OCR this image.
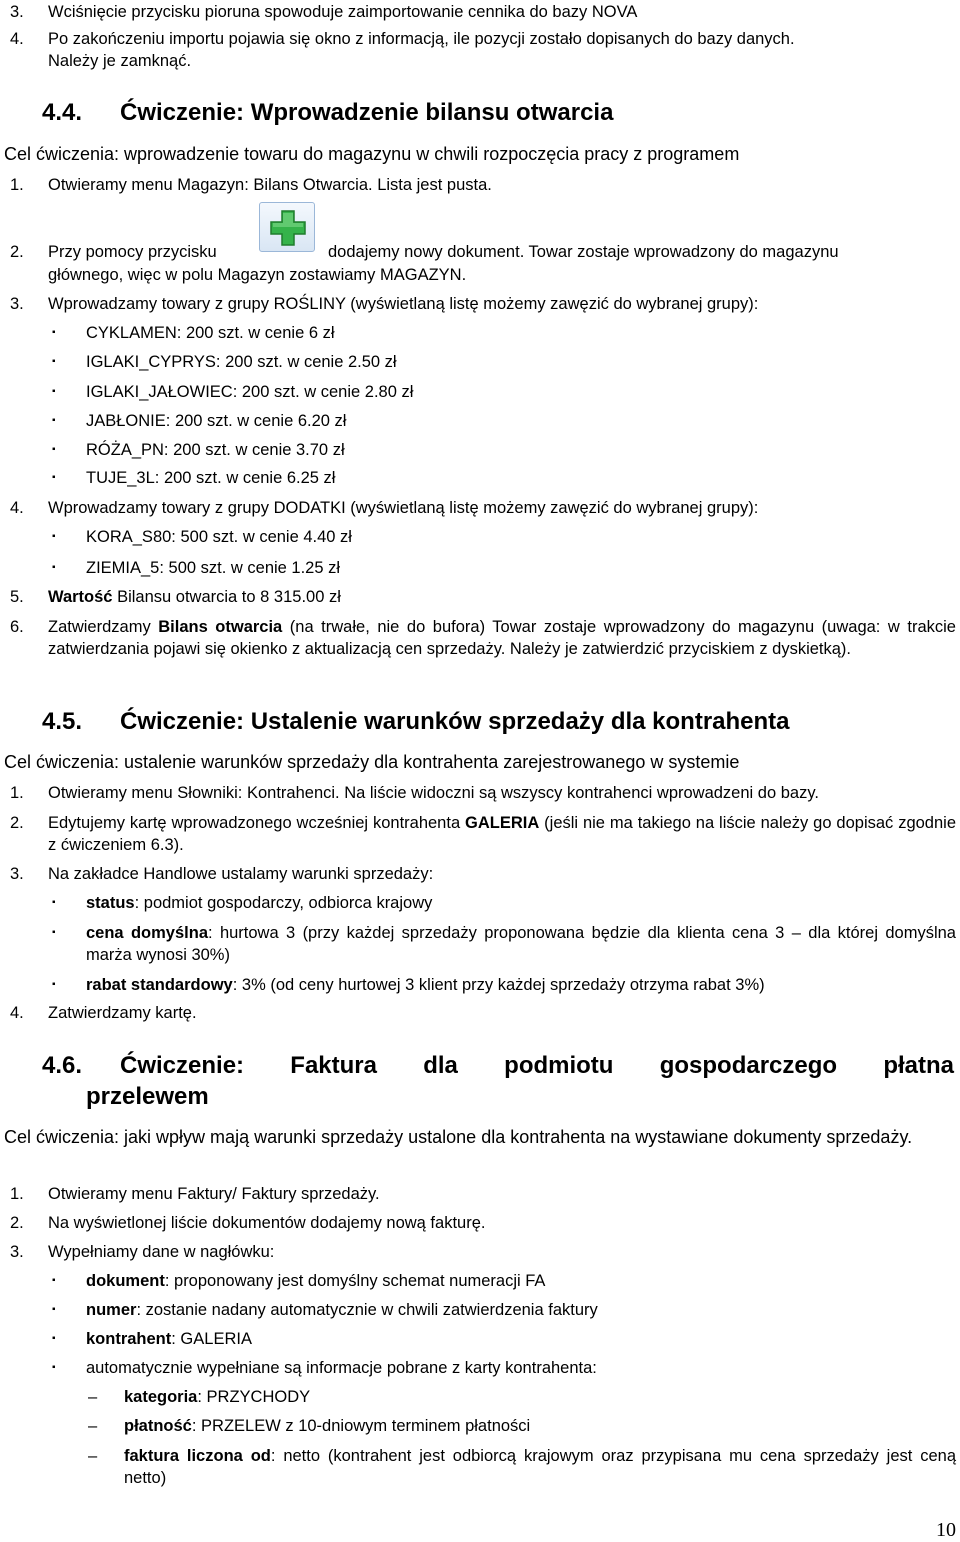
3. Wciśnięcie przycisku pioruna spowoduje zaimportowanie cennika do bazy NOVA
4. Po zakończeniu importu pojawia się okno z informacją, ile pozycji zostało dopisanych do bazy danych.
Należy je zamknąć.
4.4. Ćwiczenie: Wprowadzenie bilansu otwarcia
Cel ćwiczenia: wprowadzenie towaru do magazynu w chwili rozpoczęcia pracy z programem
1. Otwieramy menu Magazyn: Bilans Otwarcia. Lista jest pusta.
2. Przy pomocy przycisku	dodajemy nowy dokument. Towar zostaje wprowadzony do magazynu
głównego, więc w polu Magazyn zostawiamy MAGAZYN.
3. Wprowadzamy towary z grupy ROŚLINY (wyświetlaną listę możemy zawęzić do wybranej grupy):
▪ CYKLAMEN: 200 szt. w cenie 6 zł
▪ IGLAKI_CYPRYS: 200 szt. w cenie 2.50 zł
▪ IGLAKI_JAŁOWIEC: 200 szt. w cenie 2.80 zł
▪ JABŁONIE: 200 szt. w cenie 6.20 zł
▪ RÓŻA_PN: 200 szt. w cenie 3.70 zł
▪ TUJE_3L: 200 szt. w cenie 6.25 zł
4. Wprowadzamy towary z grupy DODATKI (wyświetlaną listę możemy zawęzić do wybranej grupy):
▪ KORA_S80: 500 szt. w cenie 4.40 zł
▪ ZIEMIA_5: 500 szt. w cenie 1.25 zł
5. Wartość Bilansu otwarcia to 8 315.00 zł
6. Zatwierdzamy Bilans otwarcia (na trwałe, nie do bufora) Towar zostaje wprowadzony do magazynu (uwaga: w trakcie zatwierdzania pojawi się okienko z aktualizacją cen sprzedaży. Należy je zatwierdzić przyciskiem z dyskietką).
4.5. Ćwiczenie: Ustalenie warunków sprzedaży dla kontrahenta
Cel ćwiczenia: ustalenie warunków sprzedaży dla kontrahenta zarejestrowanego w systemie
1. Otwieramy menu Słowniki: Kontrahenci. Na liście widoczni są wszyscy kontrahenci wprowadzeni do bazy.
2. Edytujemy kartę wprowadzonego wcześniej kontrahenta GALERIA (jeśli nie ma takiego na liście należy go dopisać zgodnie z ćwiczeniem 6.3).
3. Na zakładce Handlowe ustalamy warunki sprzedaży:
▪ status: podmiot gospodarczy, odbiorca krajowy
▪ cena domyślna: hurtowa 3 (przy każdej sprzedaży proponowana będzie dla klienta cena 3 – dla której domyślna marża wynosi 30%)
▪ rabat standardowy: 3% (od ceny hurtowej 3 klient przy każdej sprzedaży otrzyma rabat 3%)
4. Zatwierdzamy kartę.
4.6. Ćwiczenie: Faktura dla podmiotu gospodarczego płatna
przelewem
Cel ćwiczenia: jaki wpływ mają warunki sprzedaży ustalone dla kontrahenta na wystawiane dokumenty sprzedaży.
1. Otwieramy menu Faktury/ Faktury sprzedaży.
2. Na wyświetlonej liście dokumentów dodajemy nową fakturę.
3. Wypełniamy dane w nagłówku:
▪ dokument: proponowany jest domyślny schemat numeracji FA
▪ numer: zostanie nadany automatycznie w chwili zatwierdzenia faktury
▪ kontrahent: GALERIA
▪ automatycznie wypełniane są informacje pobrane z karty kontrahenta:
– kategoria: PRZYCHODY
– płatność: PRZELEW z 10-dniowym terminem płatności
– faktura liczona od: netto (kontrahent jest odbiorcą krajowym oraz przypisana mu cena sprzedaży jest ceną netto)
10
